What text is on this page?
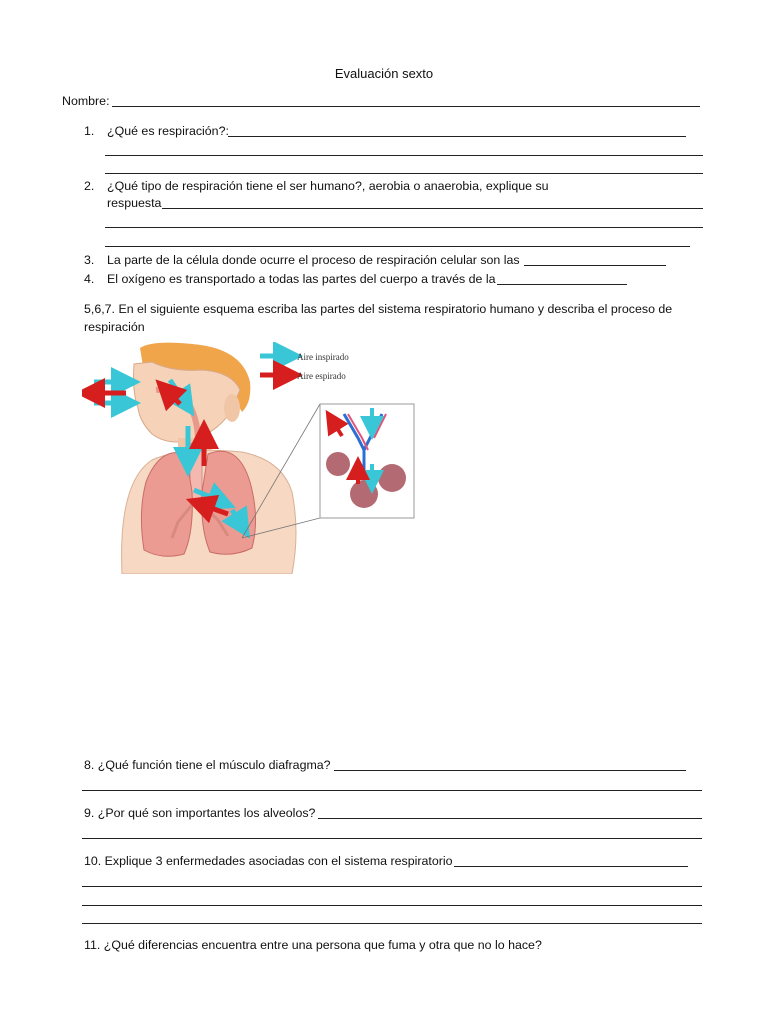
Evaluación sexto
Nombre:
1. ¿Qué es respiración?:
2. ¿Qué tipo de respiración tiene el ser humano?, aerobia o anaerobia, explique su
respuesta
3. La parte de la célula donde ocurre el proceso de respiración celular son las
4. El oxígeno es transportado a todas las partes del cuerpo a través de la
5,6,7. En el siguiente esquema escriba las partes del sistema respiratorio humano y describa el proceso de
respiración
Aire inspirado
Aire espirado
8. ¿Qué función tiene el músculo diafragma?
9. ¿Por qué son importantes los alveolos?
10. Explique 3 enfermedades asociadas con el sistema respiratorio
11. ¿Qué diferencias encuentra entre una persona que fuma y otra que no lo hace?
